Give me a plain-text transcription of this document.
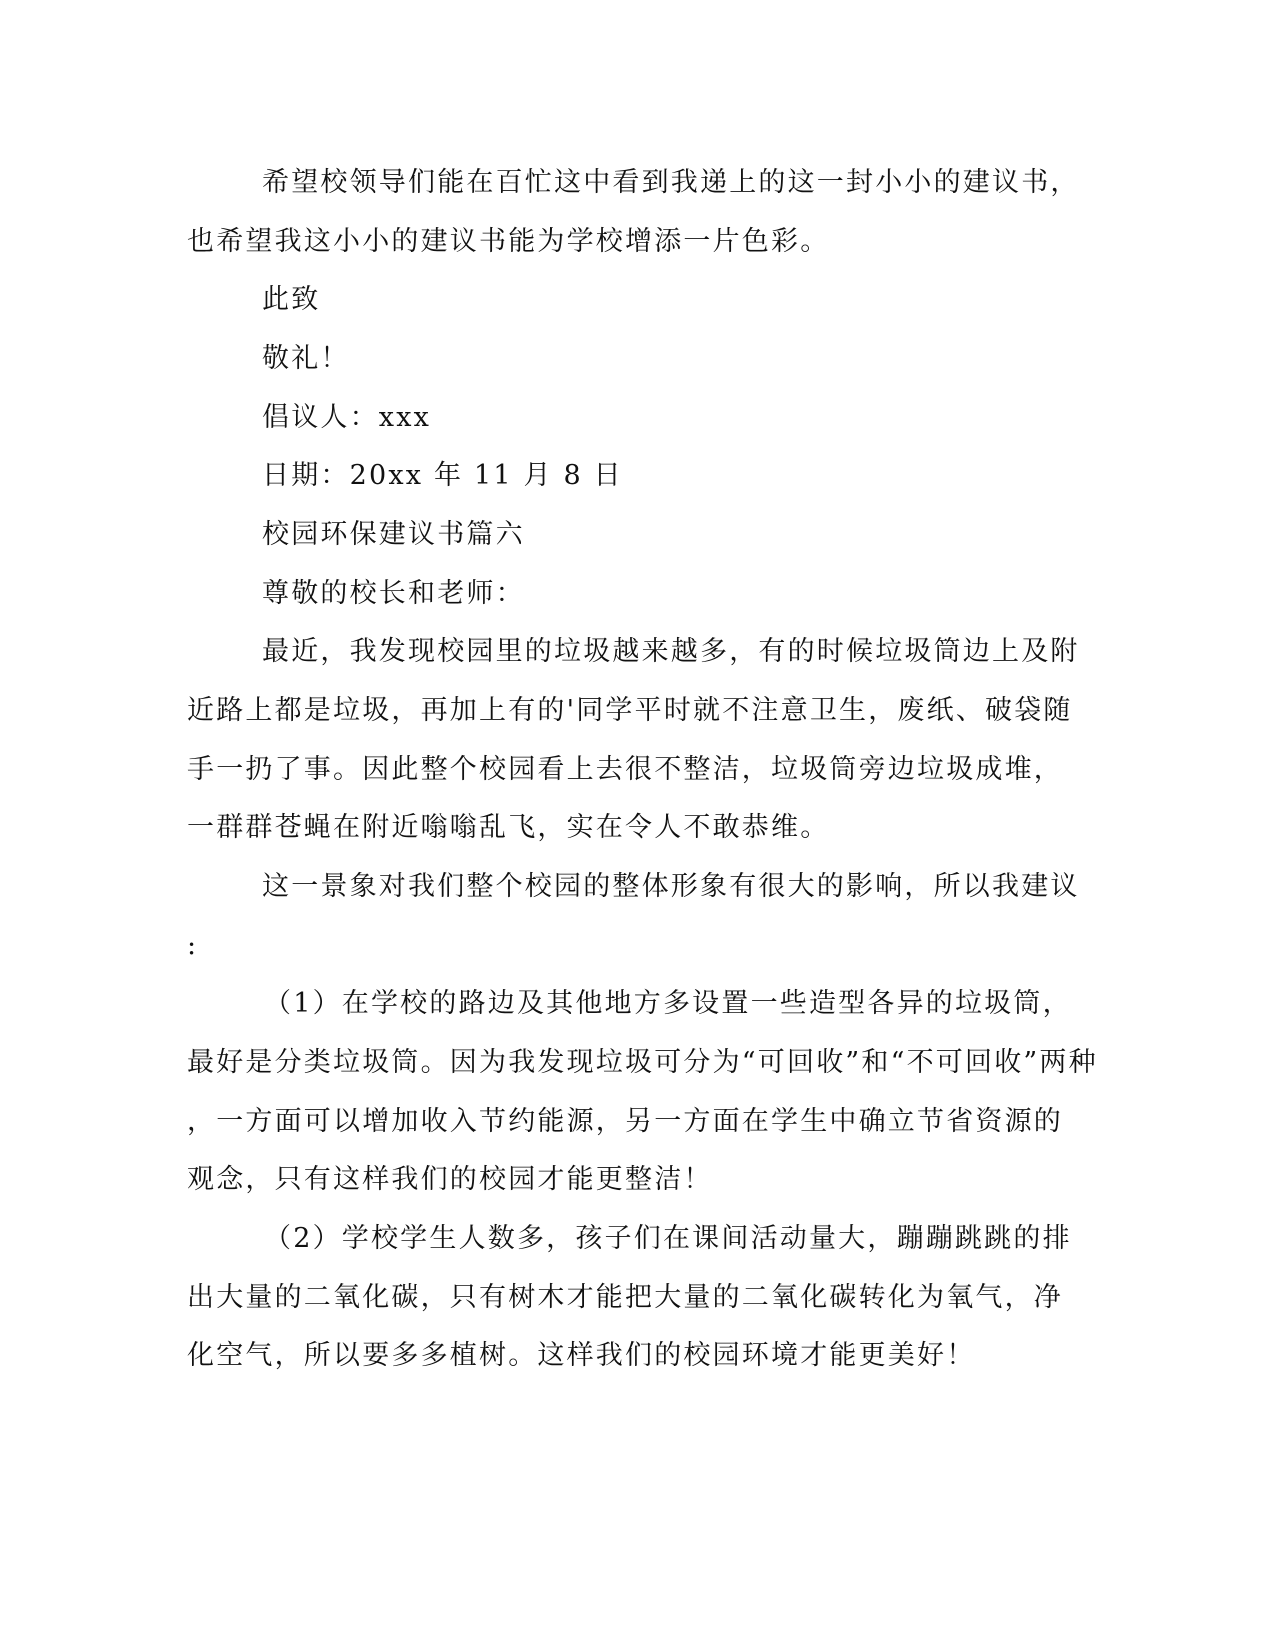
希望校领导们能在百忙这中看到我递上的这一封小小的建议书，
也希望我这小小的建议书能为学校增添一片色彩。
此致
敬礼！
倡议人：xxx
日期：20xx 年 11 月 8 日
校园环保建议书篇六
尊敬的校长和老师：
最近，我发现校园里的垃圾越来越多，有的时候垃圾筒边上及附
近路上都是垃圾，再加上有的'同学平时就不注意卫生，废纸、破袋随
手一扔了事。因此整个校园看上去很不整洁，垃圾筒旁边垃圾成堆，
一群群苍蝇在附近嗡嗡乱飞，实在令人不敢恭维。
这一景象对我们整个校园的整体形象有很大的影响，所以我建议
:
（1）在学校的路边及其他地方多设置一些造型各异的垃圾筒，
最好是分类垃圾筒。因为我发现垃圾可分为“可回收”和“不可回收”两种
，一方面可以增加收入节约能源，另一方面在学生中确立节省资源的
观念，只有这样我们的校园才能更整洁！
（2）学校学生人数多，孩子们在课间活动量大，蹦蹦跳跳的排
出大量的二氧化碳，只有树木才能把大量的二氧化碳转化为氧气，净
化空气，所以要多多植树。这样我们的校园环境才能更美好！
